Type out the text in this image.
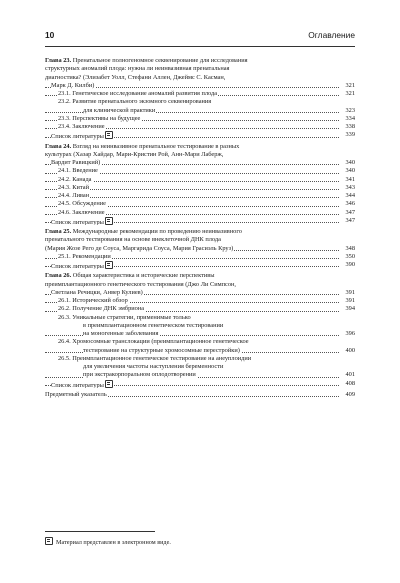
10	Оглавление
Глава 23. Пренатальное полногеномное секвенирование для исследования
структурных аномалий плода: нужна ли неинвазивная пренатальная
диагностика? (Элизабет Уолл, Стефани Аллен, Джеймс С. Касман,
Марк Д. Килби)	321
23.1. Генетическое исследование аномалий развития плода	321
23.2. Развитие пренатального экзомного секвенирования
для клинической практики	323
23.3. Перспективы на будущее	334
23.4. Заключение	338
Список литературы	339
Глава 24. Взгляд на неинвазивное пренатальное тестирование в разных
культурах (Хазар Хайдар, Мари-Кристин Рой, Анн-Мари Лаберж,
Вардит Равицкий)	340
24.1. Введение	340
24.2. Канада	341
24.3. Китай	343
24.4. Ливан	344
24.5. Обсуждение	346
24.6. Заключение	347
Список литературы	347
Глава 25. Международные рекомендации по проведению неинвазивного
пренатального тестирования на основе внеклеточной ДНК плода
(Мария Жозе Рего де Соуса, Маргарида Соуса, Мария Грасиэль Круз)	348
25.1. Рекомендации	350
Список литературы	390
Глава 26. Общая характеристика и исторические перспективы
преимплантационного генетического тестирования (Джо Ли Симпсон,
Светлана Речицки, Анвер Кулиев)	391
26.1. Исторический обзор	391
26.2. Получение ДНК эмбриона	394
26.3. Уникальные стратегии, применимые только
в преимплантационном генетическом тестировании
на моногенные заболевания	396
26.4. Хромосомные транслокации (преимплантационное генетическое
тестирование на структурные хромосомные перестройки)	400
26.5. Преимплантационное генетическое тестирование на анеуплоидии
для увеличения частоты наступления беременности
при экстракорпоральном оплодотворении	401
Список литературы	408
Предметный указатель	409
Материал представлен в электронном виде.
